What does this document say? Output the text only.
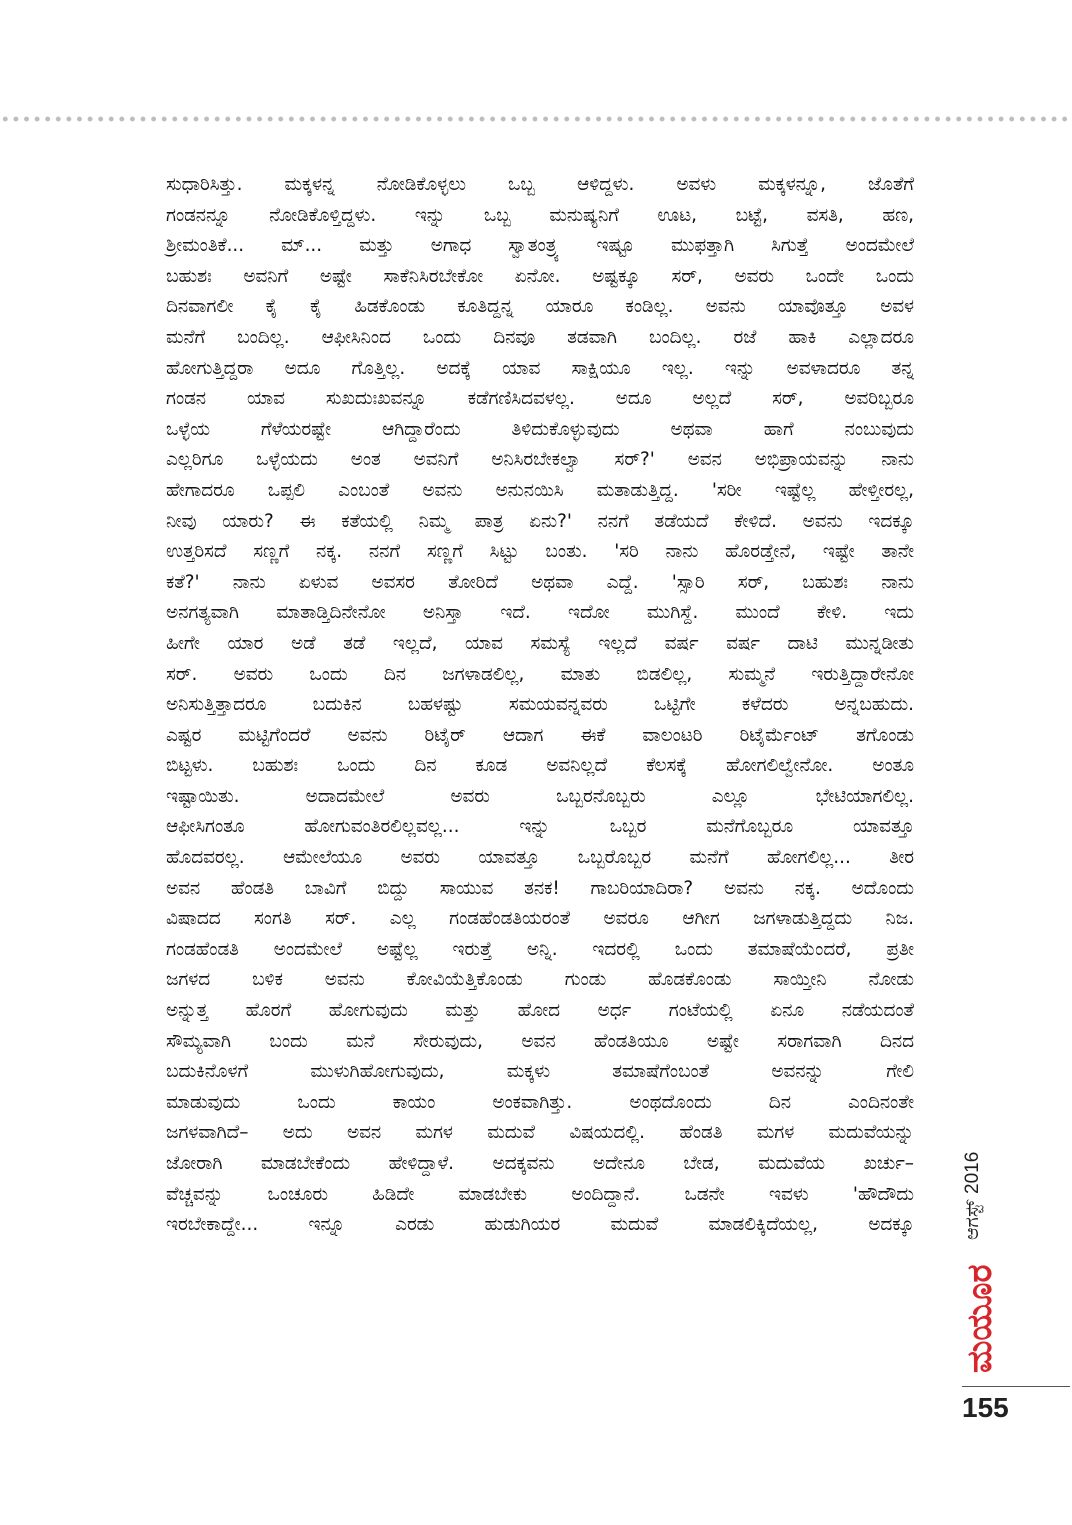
ಸುಧಾರಿಸಿತ್ತು. ಮಕ್ಕಳನ್ನ ನೋಡಿಕೊಳ್ಳಲು ಒಬ್ಬ ಆಳಿದ್ದಳು. ಅವಳು ಮಕ್ಕಳನ್ನೂ, ಜೊತೆಗೆ
ಗಂಡನನ್ನೂ ನೋಡಿಕೊಳ್ತಿದ್ದಳು. ಇನ್ನು ಒಬ್ಬ ಮನುಷ್ಯನಿಗೆ ಊಟ, ಬಟ್ಟೆ, ವಸತಿ, ಹಣ,
ಶ್ರೀಮಂತಿಕೆ... ಮ್... ಮತ್ತು ಅಗಾಧ ಸ್ವಾತಂತ್ರ್ಯ ಇಷ್ಟೂ ಮುಫತ್ತಾಗಿ ಸಿಗುತ್ತೆ ಅಂದಮೇಲೆ
ಬಹುಶಃ ಅವನಿಗೆ ಅಷ್ಟೇ ಸಾಕೆನಿಸಿರಬೇಕೋ ಏನೋ. ಅಷ್ಟಕ್ಕೂ ಸರ್, ಅವರು ಒಂದೇ ಒಂದು
ದಿನವಾಗಲೀ ಕೈ ಕೈ ಹಿಡಕೊಂಡು ಕೂತಿದ್ದನ್ನ ಯಾರೂ ಕಂಡಿಲ್ಲ. ಅವನು ಯಾವೊತ್ತೂ ಅವಳ
ಮನೆಗೆ ಬಂದಿಲ್ಲ. ಆಫೀಸಿನಿಂದ ಒಂದು ದಿನವೂ ತಡವಾಗಿ ಬಂದಿಲ್ಲ. ರಜೆ ಹಾಕಿ ಎಲ್ಲಾದರೂ
ಹೋಗುತ್ತಿದ್ದರಾ ಅದೂ ಗೊತ್ತಿಲ್ಲ. ಅದಕ್ಕೆ ಯಾವ ಸಾಕ್ಷಿಯೂ ಇಲ್ಲ. ಇನ್ನು ಅವಳಾದರೂ ತನ್ನ
ಗಂಡನ ಯಾವ ಸುಖದುಃಖವನ್ನೂ ಕಡೆಗಣಿಸಿದವಳಲ್ಲ. ಅದೂ ಅಲ್ಲದೆ ಸರ್, ಅವರಿಬ್ಬರೂ
ಒಳ್ಳೆಯ ಗೆಳೆಯರಷ್ಟೇ ಆಗಿದ್ದಾರೆಂದು ತಿಳಿದುಕೊಳ್ಳುವುದು ಅಥವಾ ಹಾಗೆ ನಂಬುವುದು
ಎಲ್ಲರಿಗೂ ಒಳ್ಳೆಯದು ಅಂತ ಅವನಿಗೆ ಅನಿಸಿರಬೇಕಲ್ವಾ ಸರ್?' ಅವನ ಅಭಿಪ್ರಾಯವನ್ನು ನಾನು
ಹೇಗಾದರೂ ಒಪ್ಪಲಿ ಎಂಬಂತೆ ಅವನು ಅನುನಯಿಸಿ ಮತಾಡುತ್ತಿದ್ದ. 'ಸರೀ ಇಷ್ಟೆಲ್ಲ ಹೇಳ್ತೀರಲ್ಲ,
ನೀವು ಯಾರು? ಈ ಕತೆಯಲ್ಲಿ ನಿಮ್ಮ ಪಾತ್ರ ಏನು?' ನನಗೆ ತಡೆಯದೆ ಕೇಳಿದೆ. ಅವನು ಇದಕ್ಕೂ
ಉತ್ತರಿಸದೆ ಸಣ್ಣಗೆ ನಕ್ಕ. ನನಗೆ ಸಣ್ಣಗೆ ಸಿಟ್ಟು ಬಂತು. 'ಸರಿ ನಾನು ಹೊರಡ್ತೇನೆ, ಇಷ್ಟೇ ತಾನೇ
ಕತೆ?' ನಾನು ಏಳುವ ಅವಸರ ತೋರಿದೆ ಅಥವಾ ಎದ್ದೆ. 'ಸ್ಸಾರಿ ಸರ್, ಬಹುಶಃ ನಾನು
ಅನಗತ್ಯವಾಗಿ ಮಾತಾಡ್ತಿದಿನೇನೋ ಅನಿಸ್ತಾ ಇದೆ. ಇದೋ ಮುಗಿಸ್ದೆ. ಮುಂದೆ ಕೇಳಿ. ಇದು
ಹೀಗೇ ಯಾರ ಅಡೆ ತಡೆ ಇಲ್ಲದೆ, ಯಾವ ಸಮಸ್ಯೆ ಇಲ್ಲದೆ ವರ್ಷ ವರ್ಷ ದಾಟಿ ಮುನ್ನಡೀತು
ಸರ್. ಅವರು ಒಂದು ದಿನ ಜಗಳಾಡಲಿಲ್ಲ, ಮಾತು ಬಿಡಲಿಲ್ಲ, ಸುಮ್ಮನೆ ಇರುತ್ತಿದ್ದಾರೇನೋ
ಅನಿಸುತ್ತಿತ್ತಾದರೂ ಬದುಕಿನ ಬಹಳಷ್ಟು ಸಮಯವನ್ನವರು ಒಟ್ಟಿಗೇ ಕಳೆದರು ಅನ್ನಬಹುದು.
ಎಷ್ಟರ ಮಟ್ಟಿಗೆಂದರೆ ಅವನು ರಿಟೈರ್ ಆದಾಗ ಈಕೆ ವಾಲಂಟರಿ ರಿಟೈರ್ಮೆಂಟ್ ತಗೊಂಡು
ಬಿಟ್ಟಳು. ಬಹುಶಃ ಒಂದು ದಿನ ಕೂಡ ಅವನಿಲ್ಲದೆ ಕೆಲಸಕ್ಕೆ ಹೋಗಲಿಲ್ವೇನೋ. ಅಂತೂ
ಇಷ್ಟಾಯಿತು. ಅದಾದಮೇಲೆ ಅವರು ಒಬ್ಬರನೊಬ್ಬರು ಎಲ್ಲೂ ಭೇಟಿಯಾಗಲಿಲ್ಲ.
ಆಫೀಸಿಗಂತೂ ಹೋಗುವಂತಿರಲಿಲ್ಲವಲ್ಲ... ಇನ್ನು ಒಬ್ಬರ ಮನೆಗೊಬ್ಬರೂ ಯಾವತ್ತೂ
ಹೊದವರಲ್ಲ. ಆಮೇಲೆಯೂ ಅವರು ಯಾವತ್ತೂ ಒಬ್ಬರೊಬ್ಬರ ಮನೆಗೆ ಹೋಗಲಿಲ್ಲ... ತೀರ
ಅವನ ಹೆಂಡತಿ ಬಾವಿಗೆ ಬಿದ್ದು ಸಾಯುವ ತನಕ! ಗಾಬರಿಯಾದಿರಾ? ಅವನು ನಕ್ಕ. ಅದೊಂದು
ವಿಷಾದದ ಸಂಗತಿ ಸರ್. ಎಲ್ಲ ಗಂಡಹೆಂಡತಿಯರಂತೆ ಅವರೂ ಆಗೀಗ ಜಗಳಾಡುತ್ತಿದ್ದದು ನಿಜ.
ಗಂಡಹೆಂಡತಿ ಅಂದಮೇಲೆ ಅಷ್ಟೆಲ್ಲ ಇರುತ್ತೆ ಅನ್ನಿ. ಇದರಲ್ಲಿ ಒಂದು ತಮಾಷೆಯೆಂದರೆ, ಪ್ರತೀ
ಜಗಳದ ಬಳಿಕ ಅವನು ಕೋವಿಯೆತ್ತಿಕೊಂಡು ಗುಂಡು ಹೊಡಕೊಂಡು ಸಾಯ್ತೀನಿ ನೋಡು
ಅನ್ನುತ್ತ ಹೊರಗೆ ಹೋಗುವುದು ಮತ್ತು ಹೋದ ಅರ್ಧ ಗಂಟೆಯಲ್ಲಿ ಏನೂ ನಡೆಯದಂತೆ
ಸೌಮ್ಯವಾಗಿ ಬಂದು ಮನೆ ಸೇರುವುದು, ಅವನ ಹೆಂಡತಿಯೂ ಅಷ್ಟೇ ಸರಾಗವಾಗಿ ದಿನದ
ಬದುಕಿನೊಳಗೆ ಮುಳುಗಿಹೋಗುವುದು, ಮಕ್ಕಳು ತಮಾಷೆಗೆಂಬಂತೆ ಅವನನ್ನು ಗೇಲಿ
ಮಾಡುವುದು ಒಂದು ಕಾಯಂ ಅಂಕವಾಗಿತ್ತು. ಅಂಥದೊಂದು ದಿನ ಎಂದಿನಂತೇ
ಜಗಳವಾಗಿದೆ– ಅದು ಅವನ ಮಗಳ ಮದುವೆ ವಿಷಯದಲ್ಲಿ. ಹೆಂಡತಿ ಮಗಳ ಮದುವೆಯನ್ನು
ಜೋರಾಗಿ ಮಾಡಬೇಕೆಂದು ಹೇಳಿದ್ದಾಳೆ. ಅದಕ್ಕವನು ಅದೇನೂ ಬೇಡ, ಮದುವೆಯ ಖರ್ಚು–
ವೆಚ್ಚವನ್ನು ಒಂಚೂರು ಹಿಡಿದೇ ಮಾಡಬೇಕು ಅಂದಿದ್ದಾನೆ. ಒಡನೇ ಇವಳು 'ಹೌದೌದು
ಇರಬೇಕಾದ್ದೇ... ಇನ್ನೂ ಎರಡು ಹುಡುಗಿಯರ ಮದುವೆ ಮಾಡಲಿಕ್ಕಿದೆಯಲ್ಲ, ಅದಕ್ಕೂ	ಆಗಸ್ಟ್ 2016
ಮಯೂರ
155
